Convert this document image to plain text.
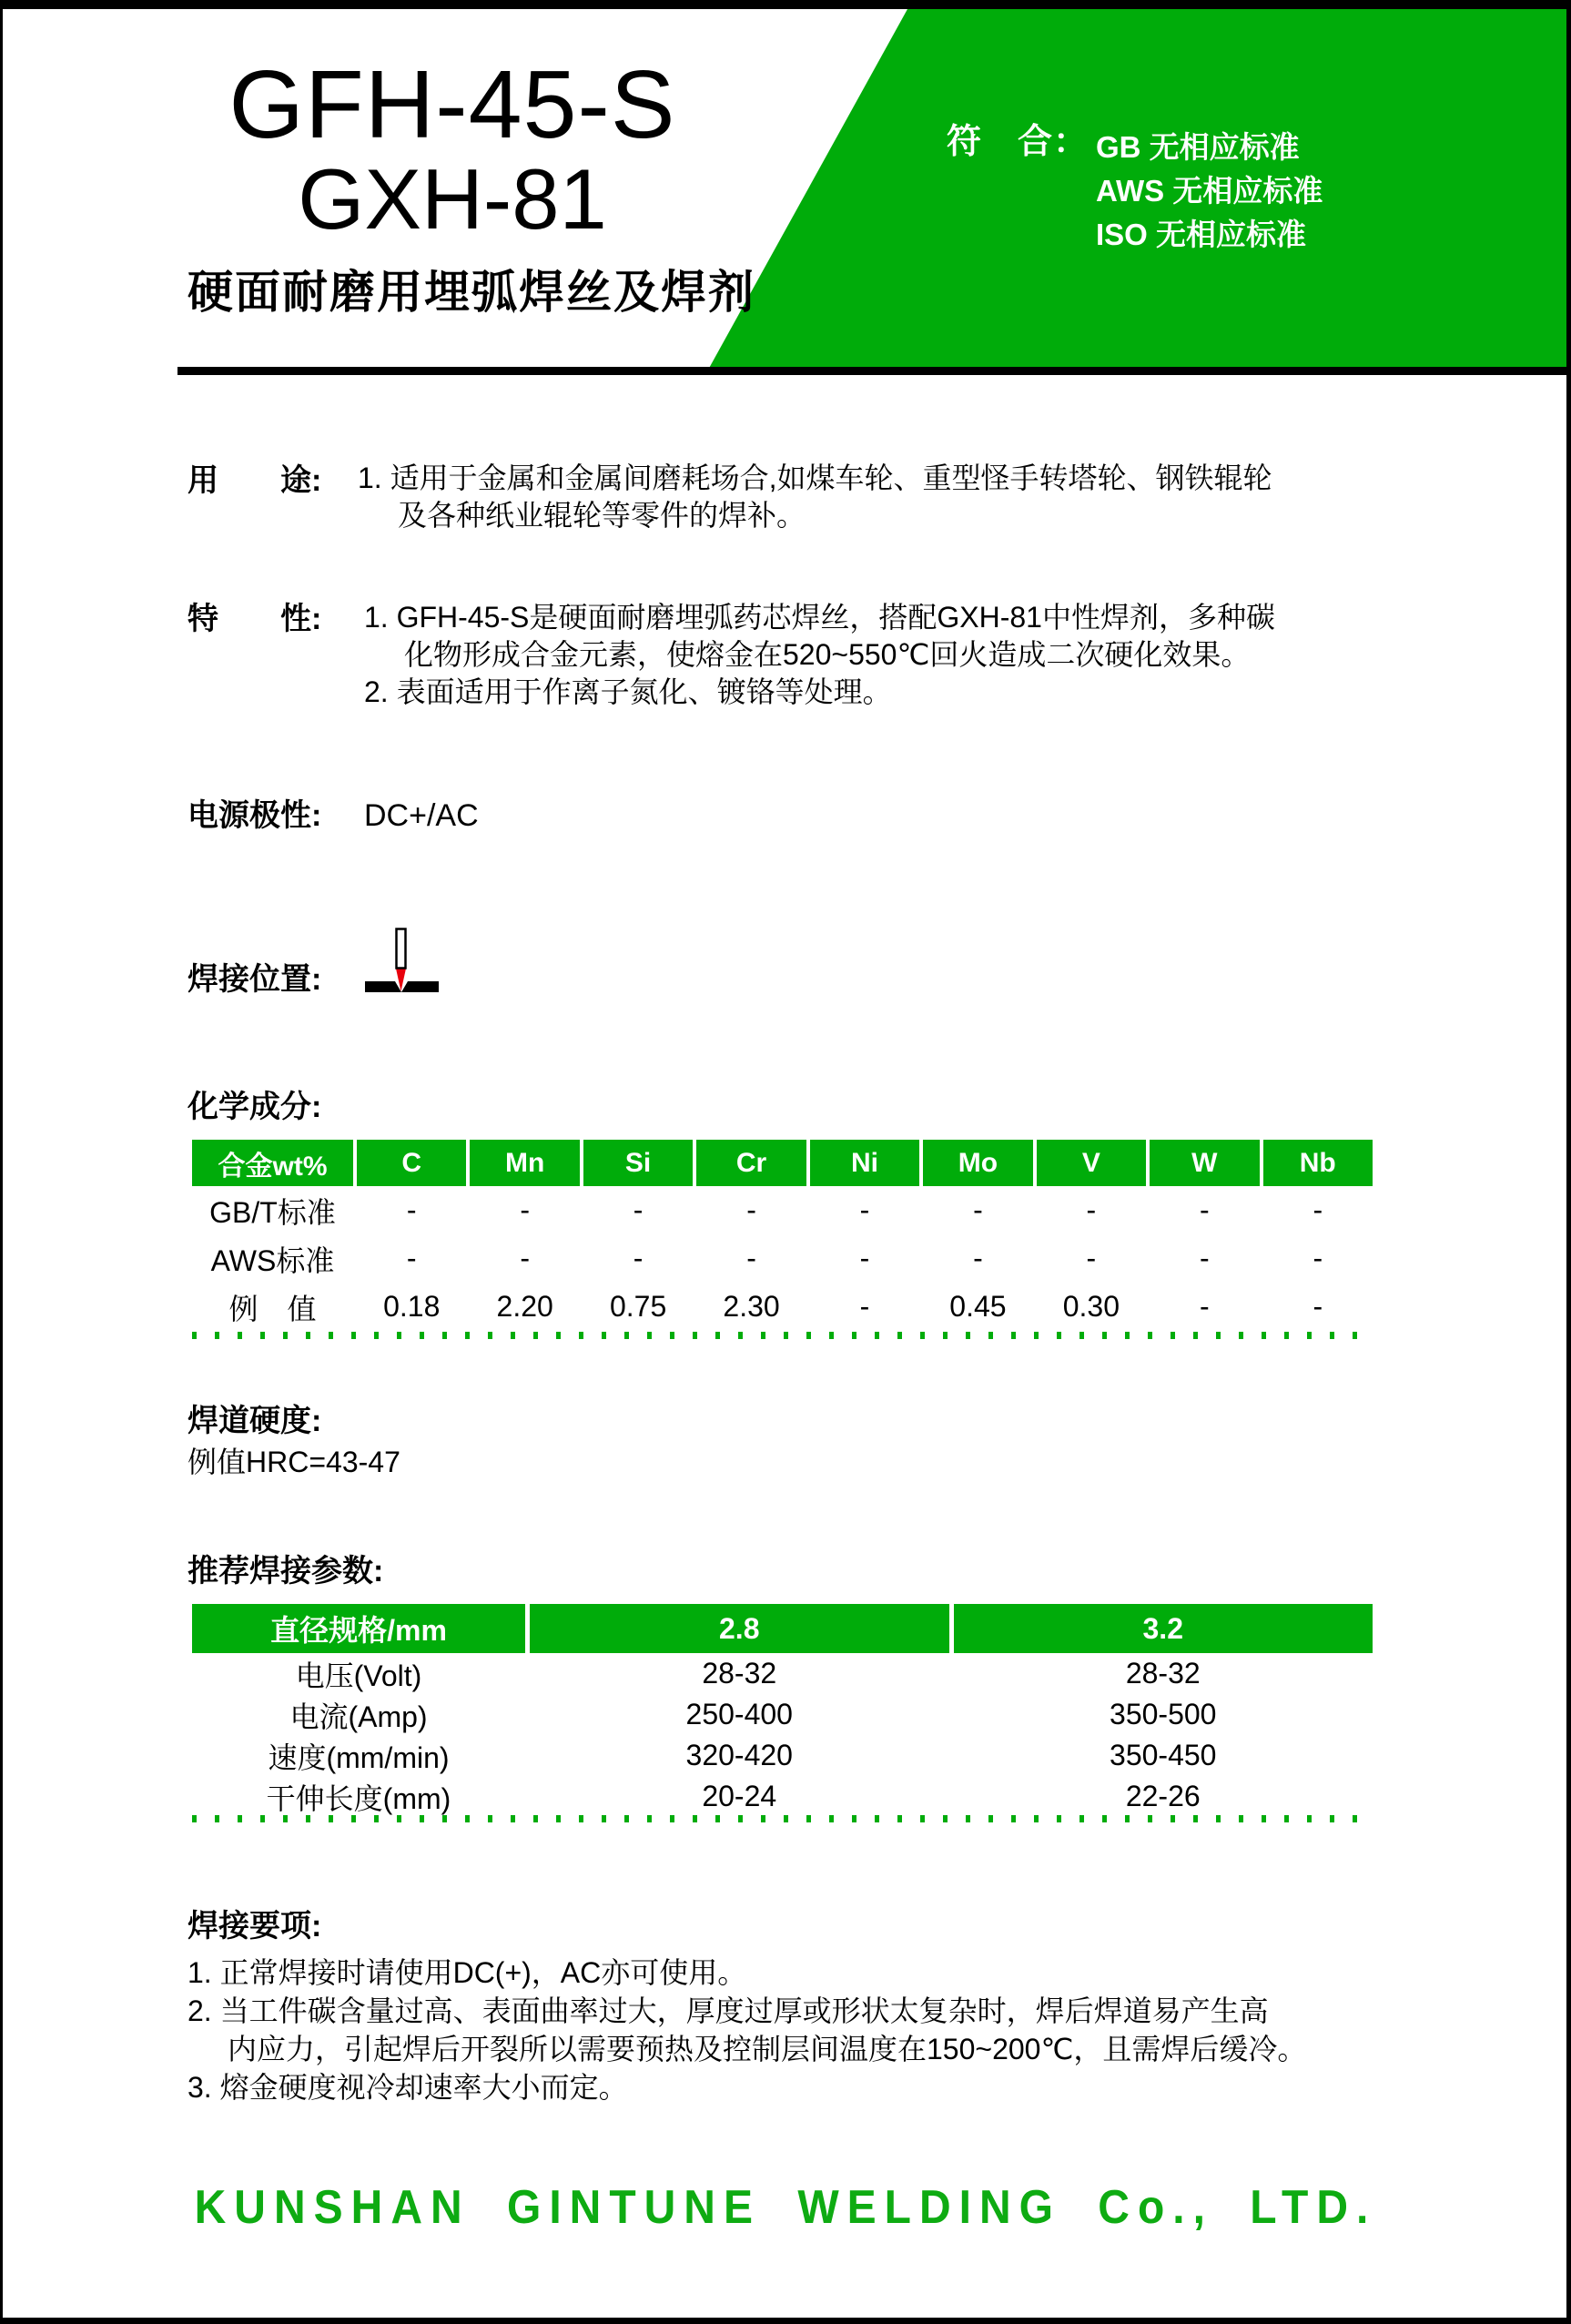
GFH-45-S
GXH-81
硬面耐磨用埋弧焊丝及焊剂
符　合： GB 无相应标准
AWS 无相应标准
ISO 无相应标准
用　　途: 1. 适用于金属和金属间磨耗场合,如煤车轮、重型怪手转塔轮、钢铁辊轮
及各种纸业辊轮等零件的焊补。
特　　性: 1. GFH-45-S是硬面耐磨埋弧药芯焊丝，搭配GXH-81中性焊剂，多种碳
化物形成合金元素，使熔金在520~550℃回火造成二次硬化效果。
2. 表面适用于作离子氮化、镀铬等处理。
电源极性: DC+/AC
焊接位置:
化学成分:
合金wt%	C	Mn	Si	Cr	Ni	Mo	V	W	Nb
GB/T标准	-	-	-	-	-	-	-	-	-
AWS标准	-	-	-	-	-	-	-	-	-
例　值	0.18	2.20	0.75	2.30	-	0.45	0.30	-	-
焊道硬度:
例值HRC=43-47
推荐焊接参数:
直径规格/mm	2.8	3.2
电压(Volt)	28-32	28-32
电流(Amp)	250-400	350-500
速度(mm/min)	320-420	350-450
干伸长度(mm)	20-24	22-26
焊接要项:
1. 正常焊接时请使用DC(+)，AC亦可使用。
2. 当工件碳含量过高、表面曲率过大，厚度过厚或形状太复杂时，焊后焊道易产生高
内应力，引起焊后开裂所以需要预热及控制层间温度在150~200℃，且需焊后缓冷。
3. 熔金硬度视冷却速率大小而定。
KUNSHAN GINTUNE WELDING Co., LTD.
